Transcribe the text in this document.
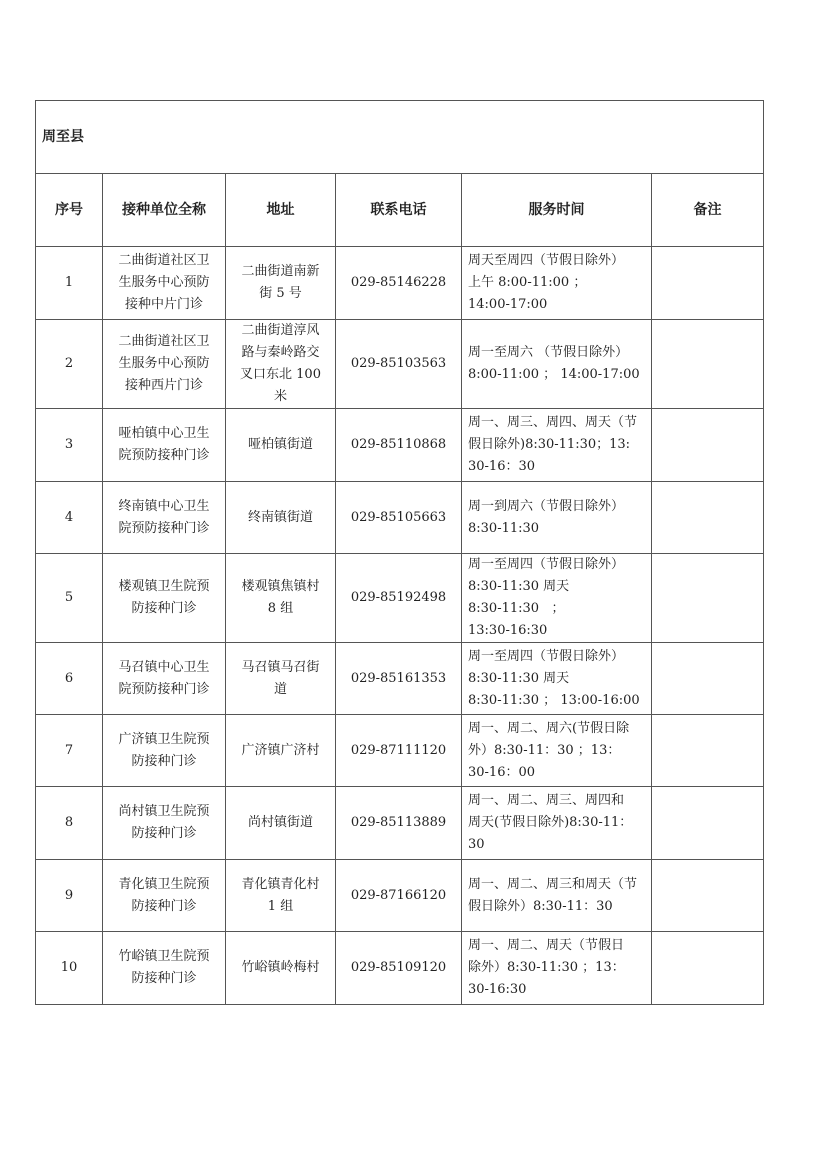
周至县					
序号	接种单位全称	地址	联系电话	服务时间	备注

1	二曲街道社区卫
生服务中心预防
接种中片门诊	二曲街道南新
街 5 号	029-85146228	周天至周四（节假日除外）
上午 8:00-11:00 ；
14:00-17:00	

2	二曲街道社区卫
生服务中心预防
接种西片门诊	二曲街道淳风
路与秦岭路交
叉口东北 100
米	029-85103563	周一至周六 （节假日除外）
8:00-11:00 ； 14:00-17:00	

3	哑柏镇中心卫生
院预防接种门诊	哑柏镇街道	029-85110868	周一、周三、周四、周天（节
假日除外)8:30-11:30；13:
30-16：30	

4	终南镇中心卫生
院预防接种门诊	终南镇街道	029-85105663	周一到周六（节假日除外）
8:30-11:30	

5	楼观镇卫生院预
防接种门诊	楼观镇焦镇村
8 组	029-85192498	周一至周四（节假日除外）
8:30-11:30 周天
8:30-11:30   ；
13:30-16:30	

6	马召镇中心卫生
院预防接种门诊	马召镇马召街
道	029-85161353	周一至周四（节假日除外）
8:30-11:30 周天
8:30-11:30 ； 13:00-16:00	

7	广济镇卫生院预
防接种门诊	广济镇广济村	029-87111120	周一、周二、周六(节假日除
外）8:30-11：30 ；13：
30-16：00	

8	尚村镇卫生院预
防接种门诊	尚村镇街道	029-85113889	周一、周二、周三、周四和
周天(节假日除外)8:30-11：
30	

9	青化镇卫生院预
防接种门诊	青化镇青化村
1 组	029-87166120	周一、周二、周三和周天（节
假日除外）8:30-11：30	

10	竹峪镇卫生院预
防接种门诊	竹峪镇岭梅村	029-85109120	周一、周二、周天（节假日
除外）8:30-11:30 ；13：
30-16:30	
